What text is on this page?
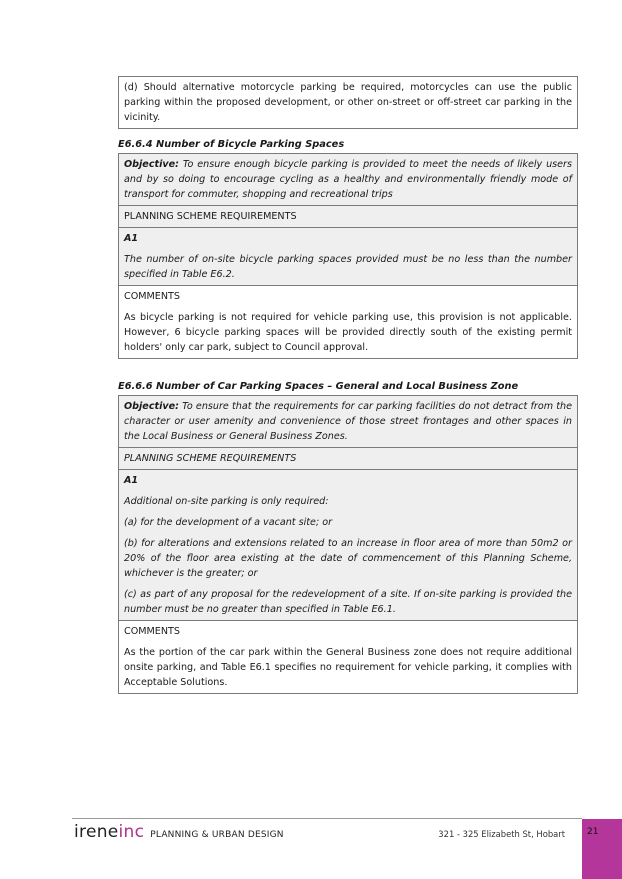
(d) Should alternative motorcycle parking be required, motorcycles can use the public parking within the proposed development, or other on-street or off-street car parking in the vicinity.

E6.6.4 Number of Bicycle Parking Spaces

Objective: To ensure enough bicycle parking is provided to meet the needs of likely users and by so doing to encourage cycling as a healthy and environmentally friendly mode of transport for commuter, shopping and recreational trips

PLANNING SCHEME REQUIREMENTS

A1

The number of on-site bicycle parking spaces provided must be no less than the number specified in Table E6.2.

COMMENTS

As bicycle parking is not required for vehicle parking use, this provision is not applicable. However, 6 bicycle parking spaces will be provided directly south of the existing permit holders' only car park, subject to Council approval.

E6.6.6 Number of Car Parking Spaces – General and Local Business Zone

Objective: To ensure that the requirements for car parking facilities do not detract from the character or user amenity and convenience of those street frontages and other spaces in the Local Business or General Business Zones.

PLANNING SCHEME REQUIREMENTS

A1

Additional on-site parking is only required:

(a) for the development of a vacant site; or

(b) for alterations and extensions related to an increase in floor area of more than 50m2 or 20% of the floor area existing at the date of commencement of this Planning Scheme, whichever is the greater; or

(c) as part of any proposal for the redevelopment of a site. If on-site parking is provided the number must be no greater than specified in Table E6.1.

COMMENTS

As the portion of the car park within the General Business zone does not require additional onsite parking, and Table E6.1 specifies no requirement for vehicle parking, it complies with Acceptable Solutions.

ireneinc PLANNING & URBAN DESIGN	321 - 325 Elizabeth St, Hobart 21
